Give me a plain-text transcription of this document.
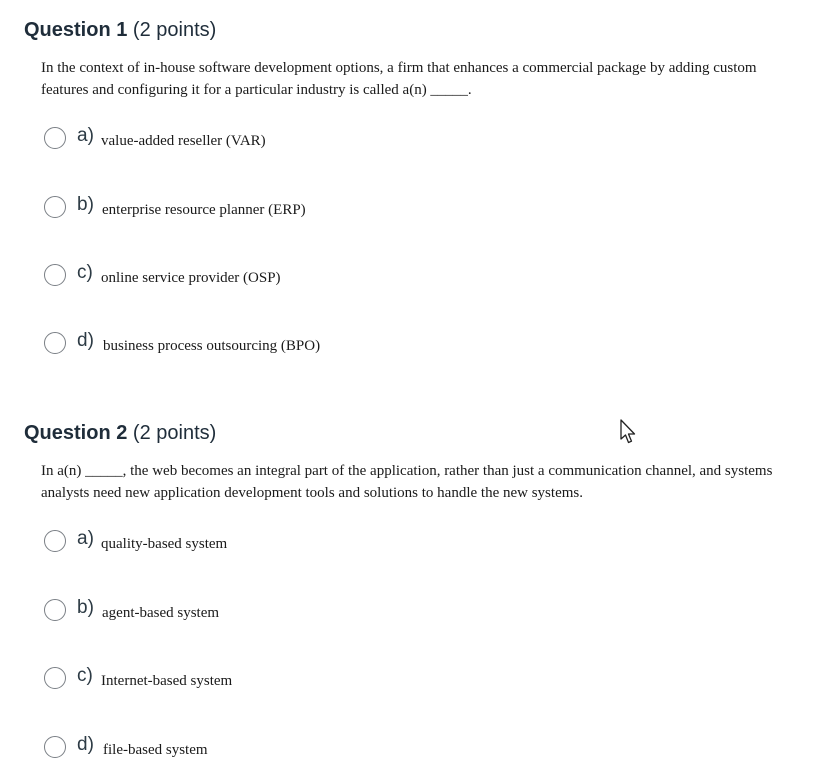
Question 1 (2 points)
In the context of in-house software development options, a firm that enhances a commercial package by adding custom features and configuring it for a particular industry is called a(n) _____.
a) value-added reseller (VAR)
b) enterprise resource planner (ERP)
c) online service provider (OSP)
d) business process outsourcing (BPO)
Question 2 (2 points)
In a(n) _____, the web becomes an integral part of the application, rather than just a communication channel, and systems analysts need new application development tools and solutions to handle the new systems.
a) quality-based system
b) agent-based system
c) Internet-based system
d) file-based system
